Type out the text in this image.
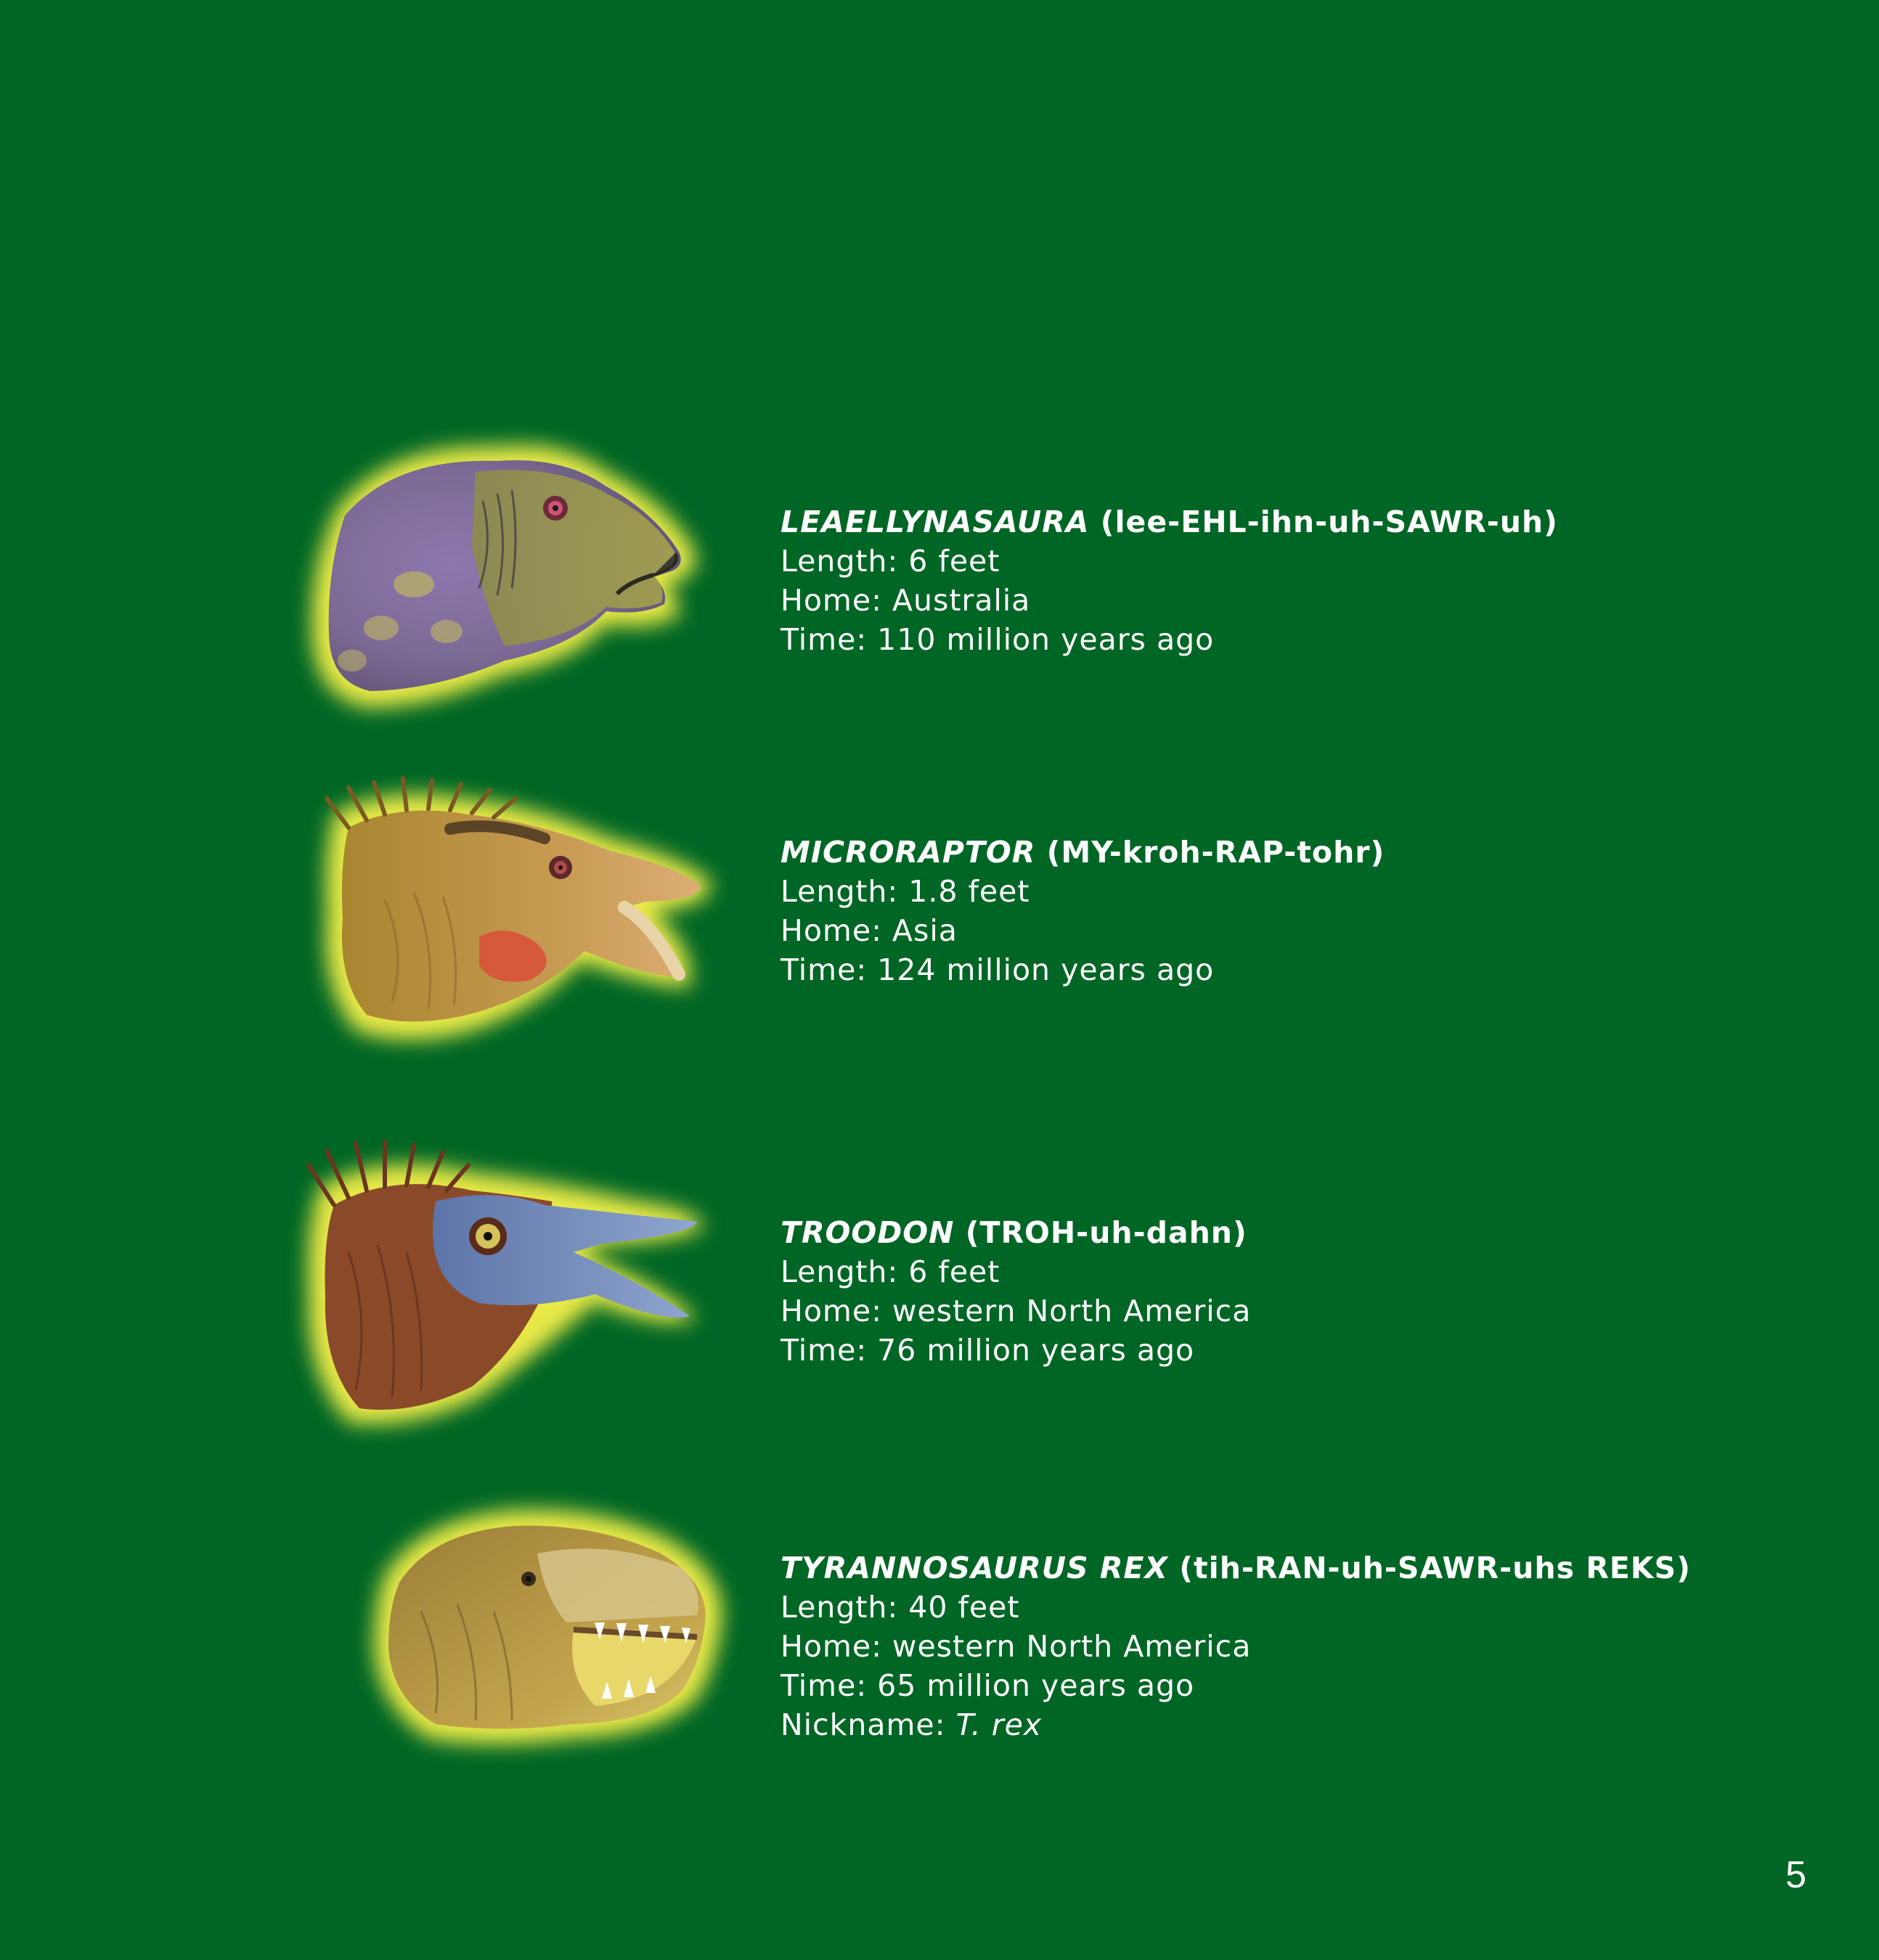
LEAELLYNASAURA (lee-EHL-ihn-uh-SAWR-uh)
Length: 6 feet
Home: Australia
Time: 110 million years ago
MICRORAPTOR (MY-kroh-RAP-tohr)
Length: 1.8 feet
Home: Asia
Time: 124 million years ago
TROODON (TROH-uh-dahn)
Length: 6 feet
Home: western North America
Time: 76 million years ago
TYRANNOSAURUS REX (tih-RAN-uh-SAWR-uhs REKS)
Length: 40 feet
Home: western North America
Time: 65 million years ago
Nickname: T. rex
5
